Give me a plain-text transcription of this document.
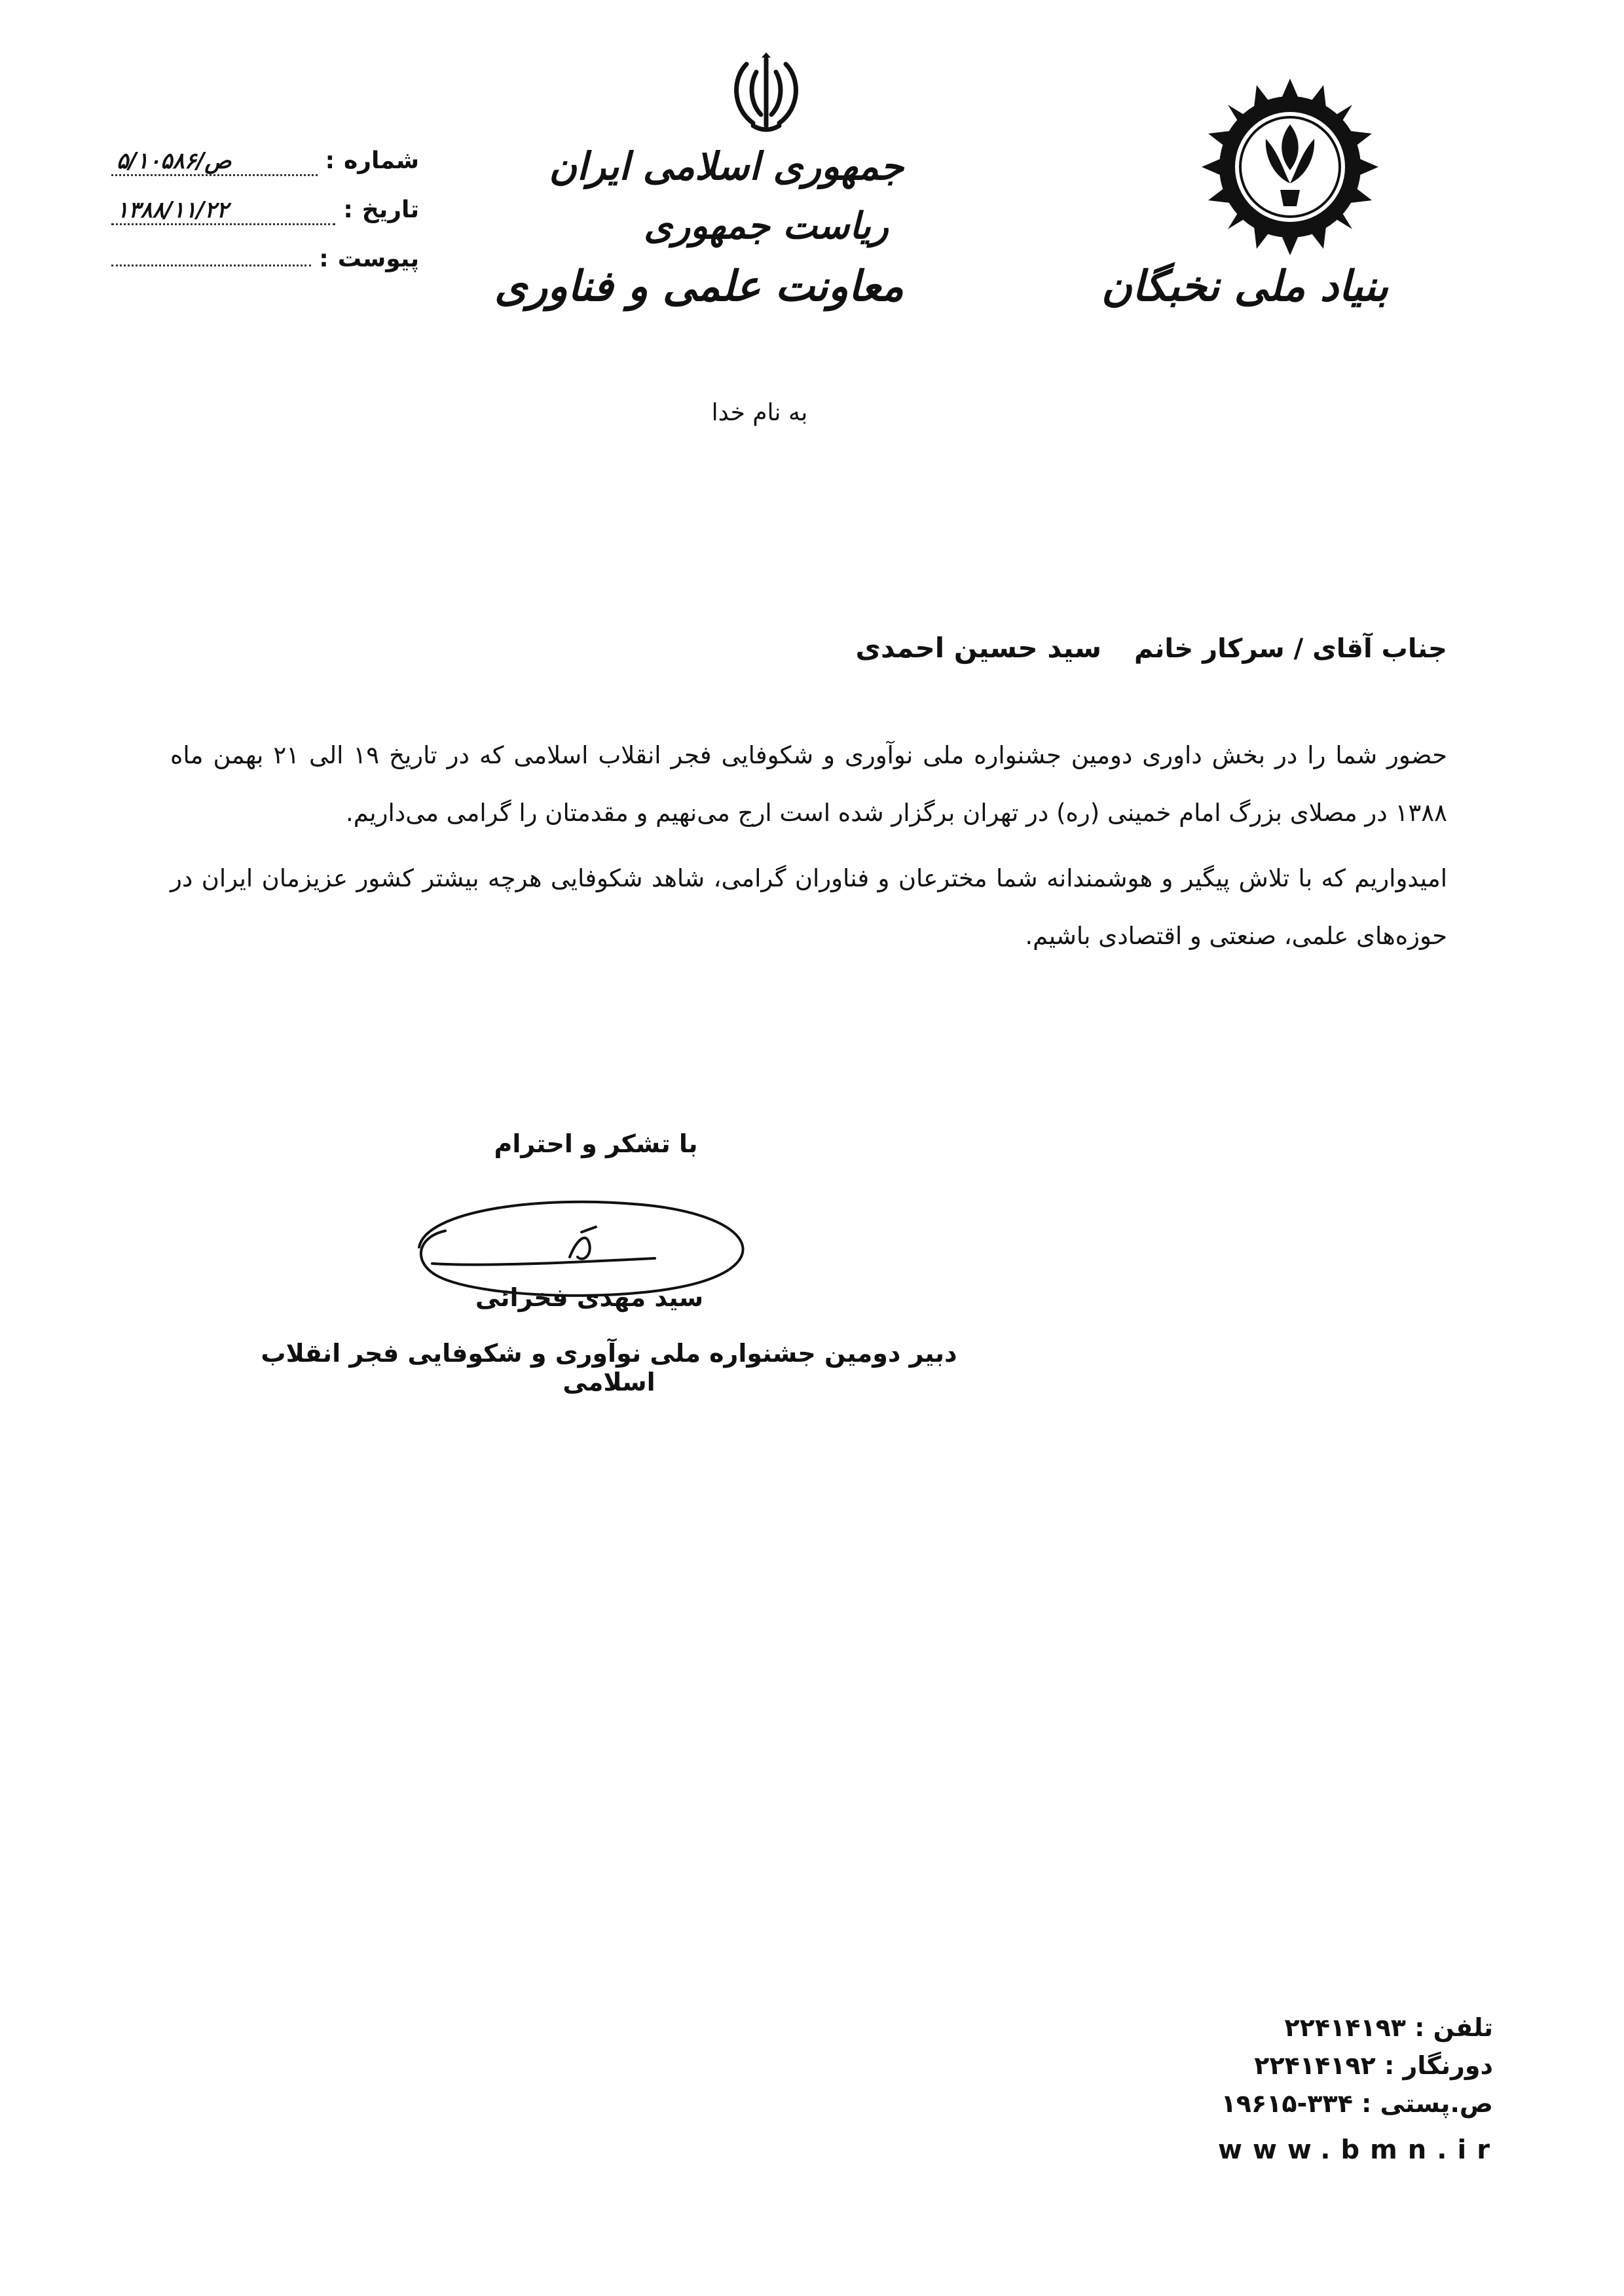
شماره
:
۵/۱۰۵۸۶/ص
تاریخ
:
۱۳۸۸/۱۱/۲۲
پیوست
:
جمهوری اسلامی ایران
ریاست جمهوری
معاونت علمی و فناوری	بنیاد ملی نخبگان
به نام خدا
جناب آقای / سرکار خانم سید حسین احمدی

حضور شما را در بخش داوری دومین جشنواره ملی نوآوری و شکوفایی فجر انقلاب اسلامی که در تاریخ ۱۹ الی ۲۱ بهمن ماه ۱۳۸۸ در مصلای بزرگ امام خمینی (ره) در تهران برگزار شده است ارج می‌نهیم و مقدمتان را گرامی می‌داریم.

امیدواریم که با تلاش پیگیر و هوشمندانه شما مخترعان و فناوران گرامی، شاهد شکوفایی هرچه بیشتر کشور عزیزمان ایران در حوزه‌های علمی، صنعتی و اقتصادی باشیم.

با تشکر و احترام
سید مهدی فخرائی
دبیر دومین جشنواره ملی نوآوری و شکوفایی فجر انقلاب اسلامی
تلفن : ۲۲۴۱۴۱۹۳
دورنگار : ۲۲۴۱۴۱۹۲
ص.پستی : ۱۹۶۱۵-۳۳۴
www.bmn.ir
